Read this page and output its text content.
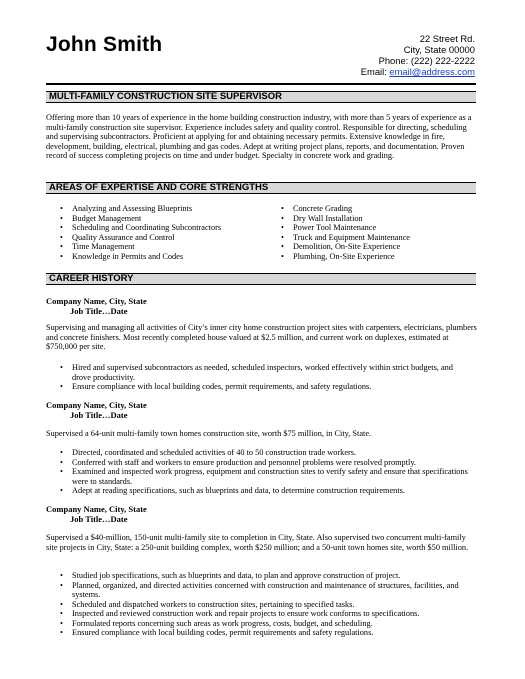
John Smith	22 Street Rd.
City, State 00000
Phone: (222) 222-2222
Email: email@address.com
MULTI-FAMILY CONSTRUCTION SITE SUPERVISOR
Offering more than 10 years of experience in the home building construction industry, with more than 5 years of experience as a multi-family construction site supervisor. Experience includes safety and quality control. Responsible for directing, scheduling and supervising subcontractors. Proficient at applying for and obtaining necessary permits. Extensive knowledge in fire, development, building, electrical, plumbing and gas codes. Adept at writing project plans, reports, and documentation. Proven record of success completing projects on time and under budget. Specialty in concrete work and grading.
AREAS OF EXPERTISE AND CORE STRENGTHS
• Analyzing and Assessing Blueprints
• Budget Management
• Scheduling and Coordinating Subcontractors
• Quality Assurance and Control
• Time Management
• Knowledge in Permits and Codes
• Concrete Grading
• Dry Wall Installation
• Power Tool Maintenance
• Truck and Equipment Maintenance
• Demolition, On-Site Experience
• Plumbing, On-Site Experience
CAREER HISTORY
Company Name, City, State
Job Title…Date
Supervising and managing all activities of City’s inner city home construction project sites with carpenters, electricians, plumbers and concrete finishers. Most recently completed house valued at $2.5 million, and current work on duplexes, estimated at $750,000 per site.
• Hired and supervised subcontractors as needed, scheduled inspectors, worked effectively within strict budgets, and drove productivity.
• Ensure compliance with local building codes, permit requirements, and safety regulations.
Company Name, City, State
Job Title…Date
Supervised a 64-unit multi-family town homes construction site, worth $75 million, in City, State.
• Directed, coordinated and scheduled activities of 40 to 50 construction trade workers.
• Conferred with staff and workers to ensure production and personnel problems were resolved promptly.
• Examined and inspected work progress, equipment and construction sites to verify safety and ensure that specifications were to standards.
• Adept at reading specifications, such as blueprints and data, to determine construction requirements.
Company Name, City, State
Job Title…Date
Supervised a $40-million, 150-unit multi-family site to completion in City, State. Also supervised two concurrent multi-family site projects in City, State: a 250-unit building complex, worth $250 million; and a 50-unit town homes site, worth $50 million.
• Studied job specifications, such as blueprints and data, to plan and approve construction of project.
• Planned, organized, and directed activities concerned with construction and maintenance of structures, facilities, and systems.
• Scheduled and dispatched workers to construction sites, pertaining to specified tasks.
• Inspected and reviewed construction work and repair projects to ensure work conforms to specifications.
• Formulated reports concerning such areas as work progress, costs, budget, and scheduling.
• Ensured compliance with local building codes, permit requirements and safety regulations.
